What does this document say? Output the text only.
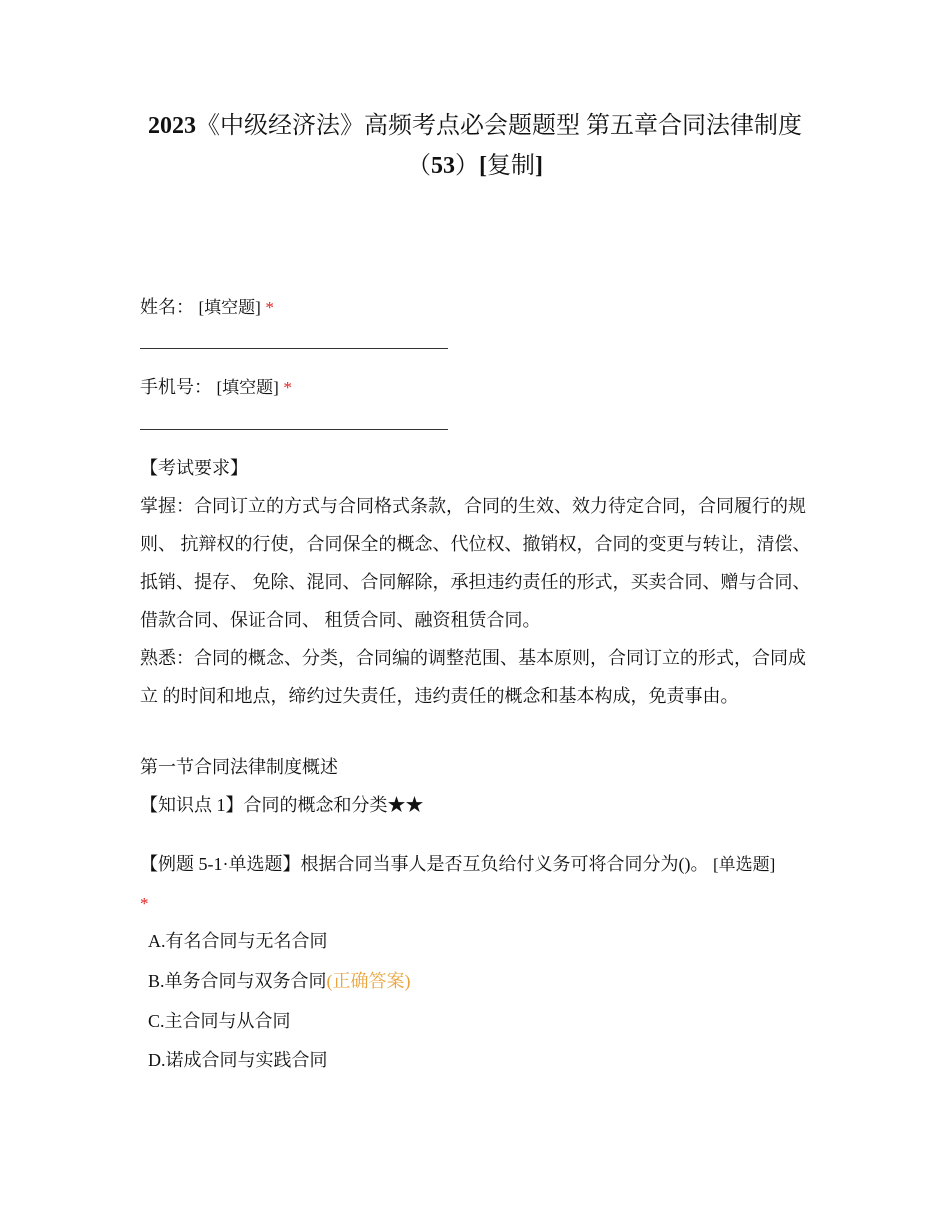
2023《中级经济法》高频考点必会题题型 第五章合同法律制度（53）[复制]
姓名： [填空题] *
手机号： [填空题] *
【考试要求】
掌握：合同订立的方式与合同格式条款，合同的生效、效力待定合同，合同履行的规则、 抗辩权的行使，合同保全的概念、代位权、撤销权，合同的变更与转让，清偿、抵销、提存、 免除、混同、合同解除，承担违约责任的形式，买卖合同、赠与合同、借款合同、保证合同、 租赁合同、融资租赁合同。
熟悉：合同的概念、分类，合同编的调整范围、基本原则，合同订立的形式，合同成立 的时间和地点，缔约过失责任，违约责任的概念和基本构成，免责事由。
第一节合同法律制度概述
【知识点 1】合同的概念和分类★★
【例题 5-1·单选题】根据合同当事人是否互负给付义务可将合同分为()。 [单选题]
*
A.有名合同与无名合同
B.单务合同与双务合同(正确答案)
C.主合同与从合同
D.诺成合同与实践合同
